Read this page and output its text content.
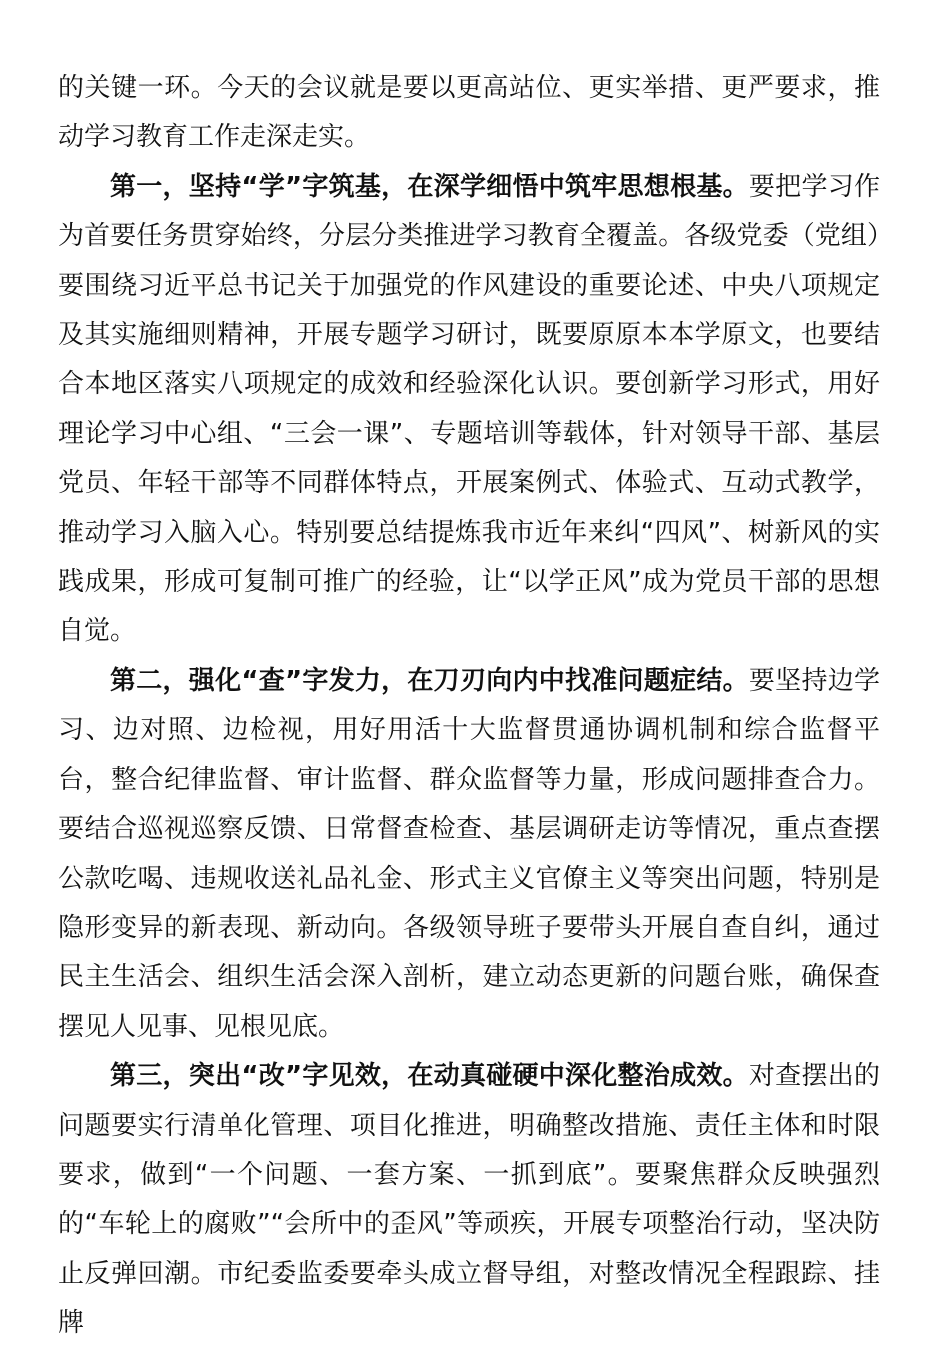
的关键一环。今天的会议就是要以更高站位、更实举措、更严要求，推动学习教育工作走深走实。

第一，坚持“学”字筑基，在深学细悟中筑牢思想根基。要把学习作为首要任务贯穿始终，分层分类推进学习教育全覆盖。各级党委（党组）要围绕习近平总书记关于加强党的作风建设的重要论述、中央八项规定及其实施细则精神，开展专题学习研讨，既要原原本本学原文，也要结合本地区落实八项规定的成效和经验深化认识。要创新学习形式，用好理论学习中心组、“三会一课”、专题培训等载体，针对领导干部、基层党员、年轻干部等不同群体特点，开展案例式、体验式、互动式教学，推动学习入脑入心。特别要总结提炼我市近年来纠“四风”、树新风的实践成果，形成可复制可推广的经验，让“以学正风”成为党员干部的思想自觉。

第二，强化“查”字发力，在刀刃向内中找准问题症结。要坚持边学习、边对照、边检视，用好用活十大监督贯通协调机制和综合监督平台，整合纪律监督、审计监督、群众监督等力量，形成问题排查合力。要结合巡视巡察反馈、日常督查检查、基层调研走访等情况，重点查摆公款吃喝、违规收送礼品礼金、形式主义官僚主义等突出问题，特别是隐形变异的新表现、新动向。各级领导班子要带头开展自查自纠，通过民主生活会、组织生活会深入剖析，建立动态更新的问题台账，确保查摆见人见事、见根见底。

第三，突出“改”字见效，在动真碰硬中深化整治成效。对查摆出的问题要实行清单化管理、项目化推进，明确整改措施、责任主体和时限要求，做到“一个问题、一套方案、一抓到底”。要聚焦群众反映强烈的“车轮上的腐败”“会所中的歪风”等顽疾，开展专项整治行动，坚决防止反弹回潮。市纪委监委要牵头成立督导组，对整改情况全程跟踪、挂牌
